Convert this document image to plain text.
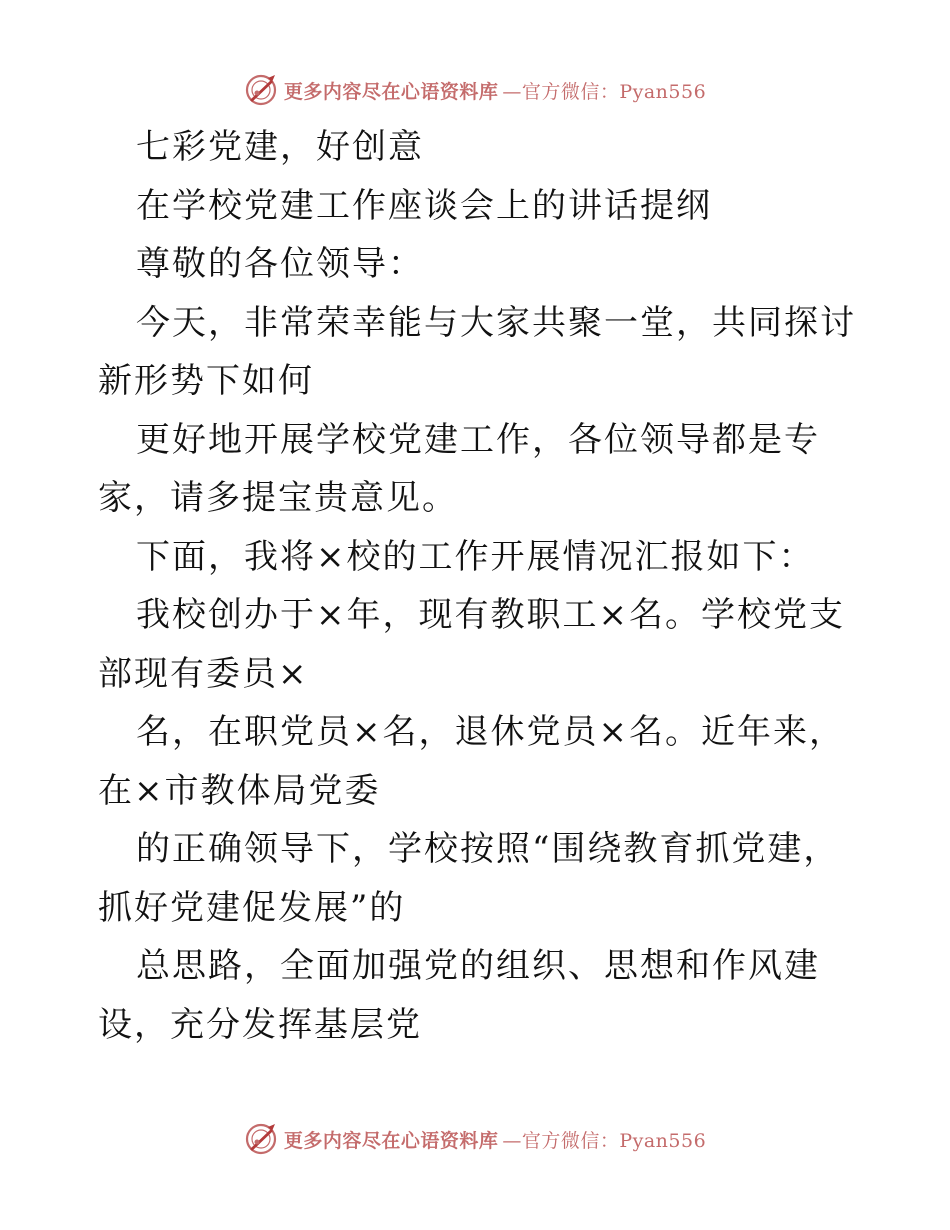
更多内容尽在心语资料库 —官方微信：Pyan556

七彩党建，好创意

在学校党建工作座谈会上的讲话提纲

尊敬的各位领导：

今天，非常荣幸能与大家共聚一堂，共同探讨新形势下如何

更好地开展学校党建工作，各位领导都是专家，请多提宝贵意见。

下面，我将×校的工作开展情况汇报如下：

我校创办于×年，现有教职工×名。学校党支部现有委员×

名，在职党员×名，退休党员×名。近年来，在×市教体局党委

的正确领导下，学校按照“围绕教育抓党建，抓好党建促发展”的

总思路，全面加强党的组织、思想和作风建设，充分发挥基层党

更多内容尽在心语资料库 —官方微信：Pyan556
